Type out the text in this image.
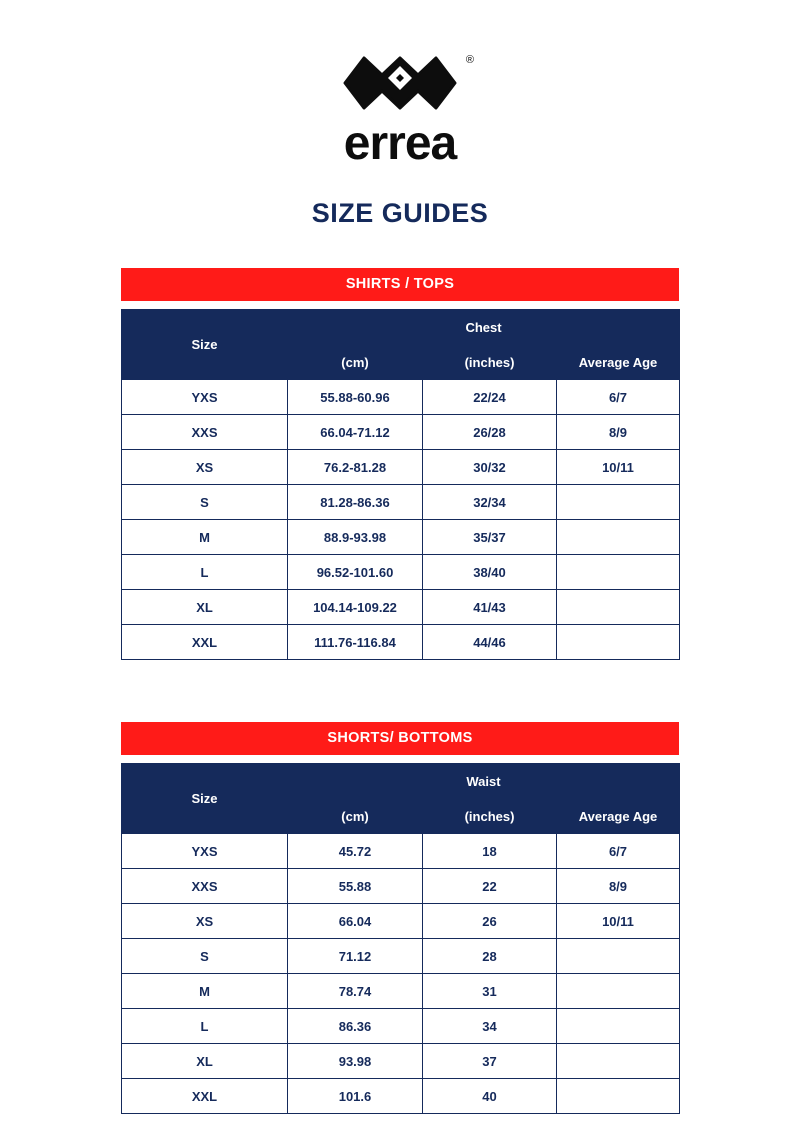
®
errea
SIZE GUIDES
SHIRTS / TOPS
Size	Chest		
	(cm)	(inches)	Average Age
YXS	55.88-60.96	22/24	6/7
XXS	66.04-71.12	26/28	8/9
XS	76.2-81.28	30/32	10/11
S	81.28-86.36	32/34	
M	88.9-93.98	35/37	
L	96.52-101.60	38/40	
XL	104.14-109.22	41/43	
XXL	111.76-116.84	44/46	
SHORTS/ BOTTOMS
Size	Waist		
	(cm)	(inches)	Average Age
YXS	45.72	18	6/7
XXS	55.88	22	8/9
XS	66.04	26	10/11
S	71.12	28	
M	78.74	31	
L	86.36	34	
XL	93.98	37	
XXL	101.6	40	
